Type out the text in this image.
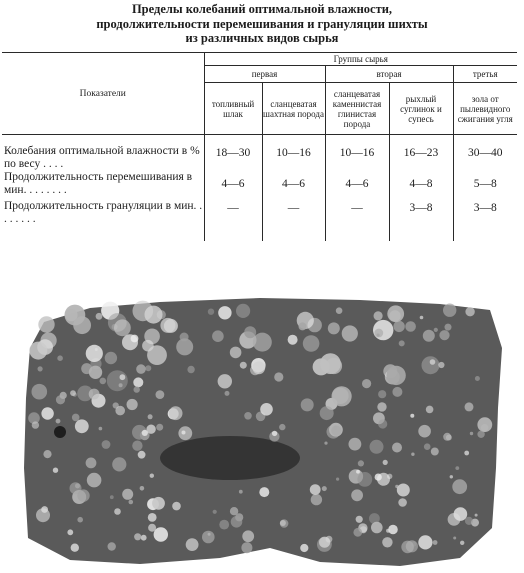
Пределы колебаний оптимальной влажности,
продолжительности перемешивания и грануляции шихты
из различных видов сырья
Показатели	Группы сырья				
	первая		вторая		третья
	топливный шлак	сланцеватая шахтная порода	сланцеватая каменнистая глинистая порода	рыхлый суглинок и супесь	зола от пылевидного сжигания угля
Колебания оптимальной влажности в % по весу . . . .	18—30	10—16	10—16	16—23	30—40
Продолжительность перемешивания в мин. . . . . . . .	4—6	4—6	4—6	4—8	5—8
Продолжительность грануляции в мин. . . . . . . .	—	—	—	3—8	3—8
